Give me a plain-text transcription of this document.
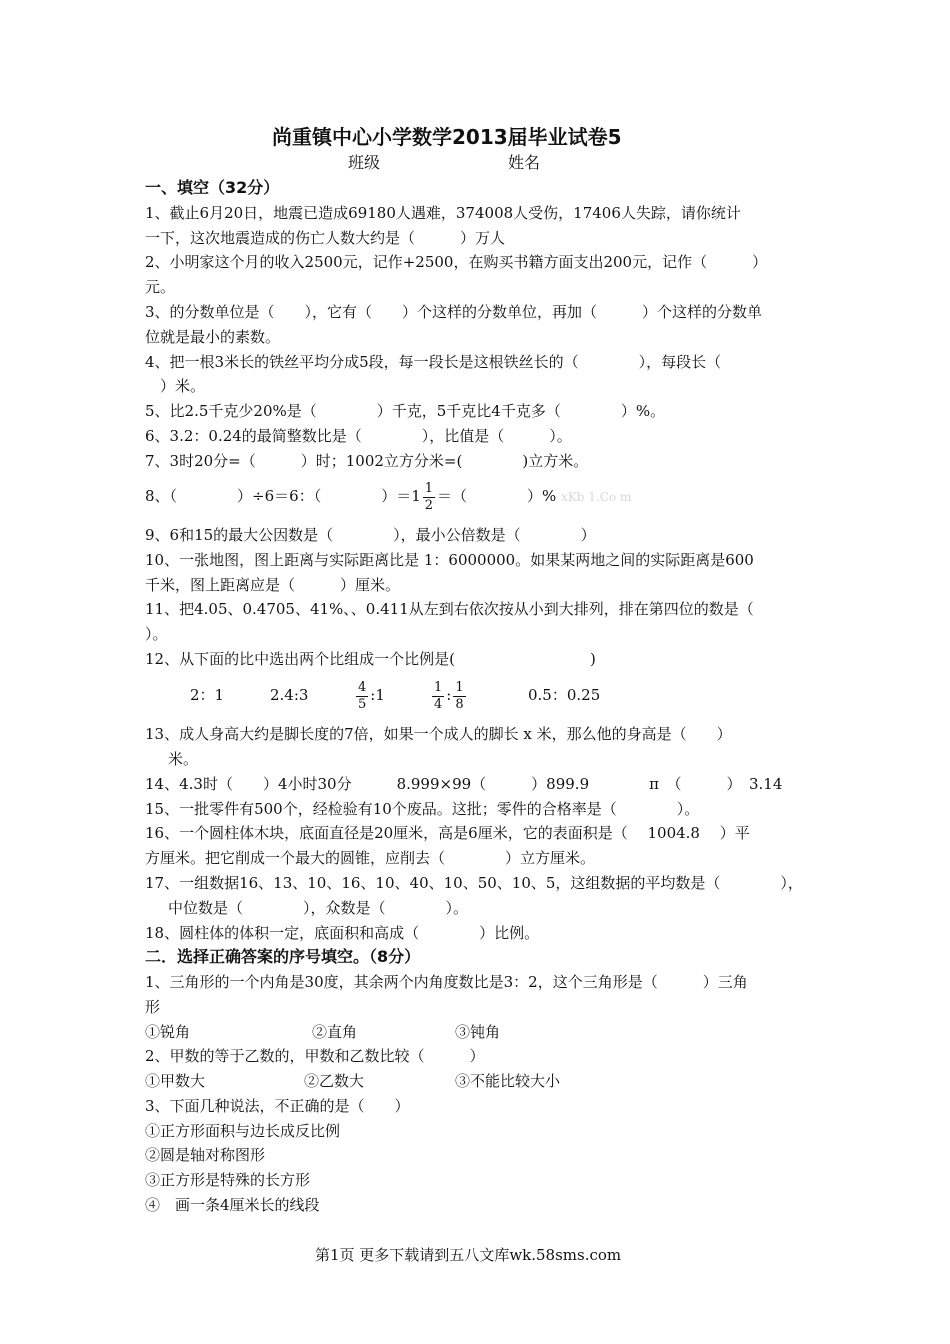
尚重镇中心小学数学2013届毕业试卷5
班级	姓名
一、填空（32分）
1、截止6月20日，地震已造成69180人遇难，374008人受伤，17406人失踪，请你统计
一下，这次地震造成的伤亡人数大约是（　　　）万人
2、小明家这个月的收入2500元，记作+2500，在购买书籍方面支出200元，记作（　　　）
元。
3、的分数单位是（　　），它有（　　）个这样的分数单位，再加（　　　）个这样的分数单
位就是最小的素数。
4、把一根3米长的铁丝平均分成5段，每一段长是这根铁丝长的（　　　　），每段长（
　）米。
5、比2.5千克少20%是（　　　　）千克，5千克比4千克多（　　　　）%。
6、3.2：0.24的最简整数比是（　　　　），比值是（　　　）。
7、3时20分=（　　　）时；1002立方分米=(　　　　)立方米。
8、（　　　　）÷6＝6：（　　　　）$=1 \frac{1}{2}$ ＝（　　　　）% xKb 1.Co m
9、6和15的最大公因数是（　　　　），最小公倍数是（　　　　）
10、一张地图，图上距离与实际距离比是 1：6000000。如果某两地之间的实际距离是600
千米，图上距离应是（　　　）厘米。
11、把4.05、0.4705、41%、、0.411从左到右依次按从小到大排列，排在第四位的数是（
）。
12、从下面的比中选出两个比组成一个比例是(　　　　　　　　　)
2：1	2.4:3	$\frac{4}{5}$ :1	$\frac{1}{4}$ : $\frac{1}{8}$	0.5：0.25
13、成人身高大约是脚长度的7倍，如果一个成人的脚长 x 米，那么他的身高是（　　）
米。
14、4.3时（　　）4小时30分　　　8.999×99（　　　）899.9　　　　π　（　　　）　3.14
15、一批零件有500个，经检验有10个废品。这批；零件的合格率是（　　　　）。
16、一个圆柱体木块，底面直径是20厘米，高是6厘米，它的表面积是（　 1004.8　 ）平
方厘米。把它削成一个最大的圆锥，应削去（　　　　）立方厘米。
17、一组数据16、13、10、16、10、40、10、50、10、5，这组数据的平均数是（　　　　），
中位数是（　　　　），众数是（　　　　）。
18、圆柱体的体积一定，底面积和高成（　　　　）比例。
二．选择正确答案的序号填空。（8分）
1、三角形的一个内角是30度，其余两个内角度数比是3：2，这个三角形是（　　　）三角
形
①锐角	②直角	③钝角
2、甲数的等于乙数的，甲数和乙数比较（　　　）
①甲数大	②乙数大	③不能比较大小
3、下面几种说法，不正确的是（　　）
①正方形面积与边长成反比例
②圆是轴对称图形
③正方形是特殊的长方形
④　画一条4厘米长的线段
第1页 更多下载请到五八文库wk.58sms.com
